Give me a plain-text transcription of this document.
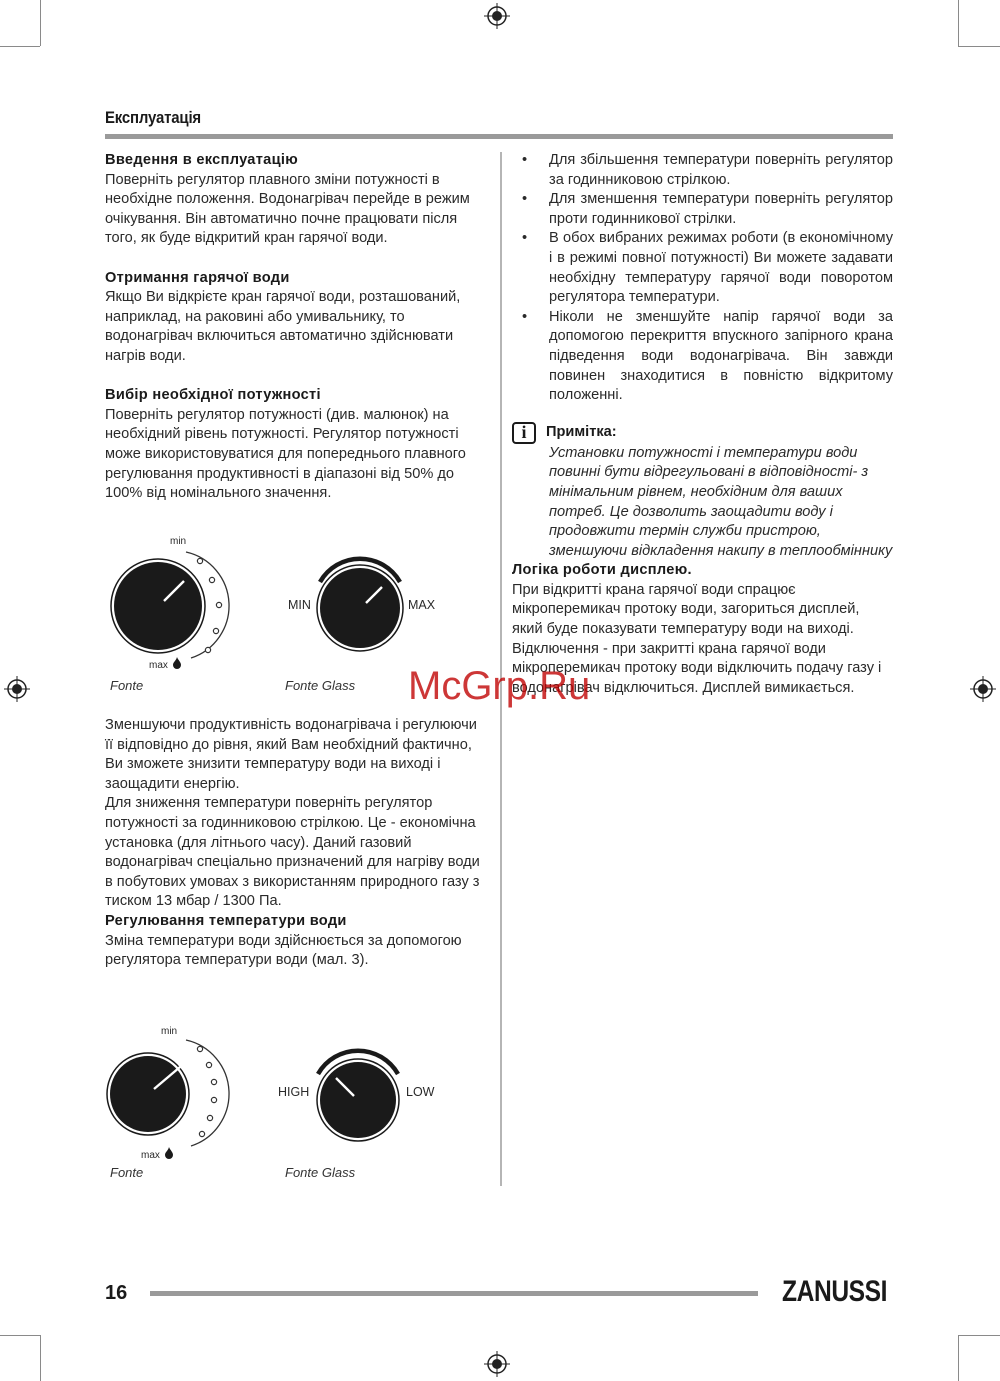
Експлуатація
Введення в експлуатацію

Поверніть регулятор плавного зміни потужності в необхідне положення. Водонагрівач перейде в режим очікування. Він автоматично почне працювати після того, як буде відкритий кран гарячої води.

Отримання гарячої води

Якщо Ви відкрієте кран гарячої води, розташований, наприклад, на раковині або умивальнику, то водонагрівач включиться автоматично здійснювати нагрів води.

Вибір необхідної потужності

Поверніть регулятор потужності (див. малюнок) на необхідний рівень потужності. Регулятор потужності може використовуватися для попереднього плавного регулювання продуктивності в діапазоні від 50% до 100% від номінального значення.

min
max
Fonte
MIN	MAX
Fonte Glass

Зменшуючи продуктивність водонагрівача і регулюючи її відповідно до рівня, який Вам необхідний фактично, Ви зможете знизити температуру води на виході і заощадити енергію.

Для зниження температури поверніть регулятор потужності за годинниковою стрілкою. Це - економічна установка (для літнього часу). Даний газовий водонагрівач спеціально призначений для нагріву води в побутових умовах з використанням природного газу з тиском 13 мбар / 1300 Па.

Регулювання температури води

Зміна температури води здійснюється за допомогою регулятора температури води (мал. 3).

min
max
Fonte
HIGH	LOW
Fonte Glass
• Для збільшення температури поверніть регулятор за годинниковою стрілкою.
• Для зменшення температури поверніть регулятор проти годинникової стрілки.
• В обох вибраних режимах роботи (в економічному і в режимі повної потужності) Ви можете задавати необхідну температуру гарячої води поворотом регулятора температури.
• Ніколи не зменшуйте напір гарячої води за допомогою перекриття впускного запірного крана підведення води водонагрівача. Він завжди повинен знаходитися в повністю відкритому положенні.
i	Примітка:

Установки потужності і температури води повинні бути відрегульовані в відповідності- з мінімальним рівнем, необхідним для ваших потреб. Це дозволить заощадити воду і продовжити термін служби пристрою, зменшуючи відкладення накипу в теплообміннику

Логіка роботи дисплею.

При відкритті крана гарячої води спрацює мікроперемикач протоку води, загориться дисплей, який буде показувати температуру води на виході.

Відключення - при закритті крана гарячої води мікроперемикач протоку води відключить подачу газу і водонагрівач відключиться. Дисплей вимикається.

McGrp.Ru
16	ZANUSSI
